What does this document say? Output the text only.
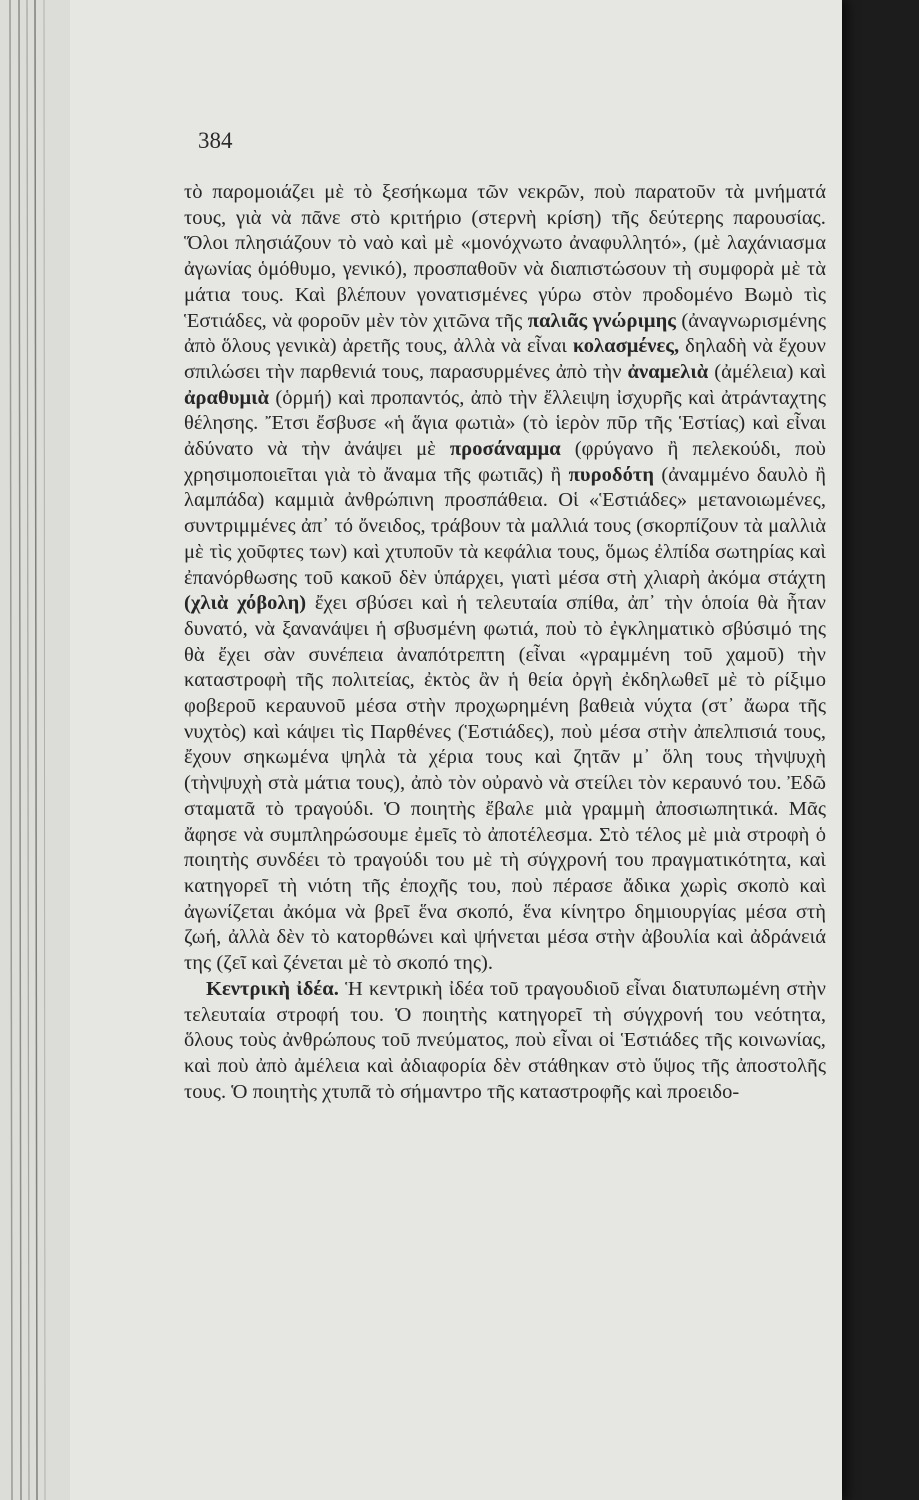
384

τὸ παρομοιάζει μὲ τὸ ξεσήκωμα τῶν νεκρῶν, ποὺ παρατοῦν τὰ μνήματά τους, γιὰ νὰ πᾶνε στὸ κριτήριο (στερνὴ κρίση) τῆς δεύτερης παρουσίας. Ὅλοι πλησιάζουν τὸ ναὸ καὶ μὲ «μονόχνωτο ἀναφυλλητό», (μὲ λαχάνιασμα ἀγωνίας ὁμόθυμο, γενικό), προσπαθοῦν νὰ διαπιστώσουν τὴ συμφορὰ μὲ τὰ μάτια τους. Καὶ βλέπουν γονατισμένες γύρω στὸν προδομένο Βωμὸ τὶς Ἑστιάδες, νὰ φοροῦν μὲν τὸν χιτῶνα τῆς παλιᾶς γνώριμης (ἀναγνωρισμένης ἀπὸ ὅλους γενικὰ) ἀρετῆς τους, ἀλλὰ νὰ εἶναι κολασμένες, δηλαδὴ νὰ ἔχουν σπιλώσει τὴν παρθενιά τους, παρασυρμένες ἀπὸ τὴν ἀναμελιὰ (ἀμέλεια) καὶ ἀραθυμιὰ (ὁρμή) καὶ προπαντός, ἀπὸ τὴν ἔλλειψη ἰσχυρῆς καὶ ἀτράνταχτης θέλησης. Ἔτσι ἔσβυσε «ἡ ἅγια φωτιὰ» (τὸ ἱερὸν πῦρ τῆς Ἑστίας) καὶ εἶναι ἀδύνατο νὰ τὴν ἀνάψει μὲ προσάναμμα (φρύγανο ἢ πελεκούδι, ποὺ χρησιμοποιεῖται γιὰ τὸ ἄναμα τῆς φωτιᾶς) ἢ πυροδότη (ἀναμμένο δαυλὸ ἢ λαμπάδα) καμμιὰ ἀνθρώπινη προσπάθεια. Οἱ «Ἑστιάδες» μετανοιωμένες, συντριμμένες ἀπ᾿ τό ὄνειδος, τράβουν τὰ μαλλιά τους (σκορπίζουν τὰ μαλλιὰ μὲ τὶς χοῦφτες των) καὶ χτυποῦν τὰ κεφάλια τους, ὅμως ἐλπίδα σωτηρίας καὶ ἐπανόρθωσης τοῦ κακοῦ δὲν ὑπάρχει, γιατὶ μέσα στὴ χλιαρὴ ἀκόμα στάχτη (χλιὰ χόβολη) ἔχει σβύσει καὶ ἡ τελευταία σπίθα, ἀπ᾿ τὴν ὁποία θὰ ἦταν δυνατό, νὰ ξανανάψει ἡ σβυσμένη φωτιά, ποὺ τὸ ἐγκληματικὸ σβύσιμό της θὰ ἔχει σὰν συνέπεια ἀναπότρεπτη (εἶναι «γραμμένη τοῦ χαμοῦ) τὴν καταστροφὴ τῆς πολιτείας, ἐκτὸς ἂν ἡ θεία ὀργὴ ἐκδηλωθεῖ μὲ τὸ ρίξιμο φοβεροῦ κεραυνοῦ μέσα στὴν προχωρημένη βαθειὰ νύχτα (στ᾿ ἄωρα τῆς νυχτὸς) καὶ κάψει τὶς Παρθένες (Ἑστιάδες), ποὺ μέσα στὴν ἀπελπισιά τους, ἔχουν σηκωμένα ψηλὰ τὰ χέρια τους καὶ ζητᾶν μ᾿ ὅλη τους τὴνψυχὴ (τὴνψυχὴ στὰ μάτια τους), ἀπὸ τὸν οὐρανὸ νὰ στείλει τὸν κεραυνό του. Ἐδῶ σταματᾶ τὸ τραγούδι. Ὁ ποιητὴς ἔβαλε μιὰ γραμμὴ ἀποσιωπητικά. Μᾶς ἄφησε νὰ συμπληρώσουμε ἐμεῖς τὸ ἀποτέλεσμα. Στὸ τέλος μὲ μιὰ στροφὴ ὁ ποιητὴς συνδέει τὸ τραγούδι του μὲ τὴ σύγχρονή του πραγματικότητα, καὶ κατηγορεῖ τὴ νιότη τῆς ἐποχῆς του, ποὺ πέρασε ἄδικα χωρὶς σκοπὸ καὶ ἀγωνίζεται ἀκόμα νὰ βρεῖ ἕνα σκοπό, ἕνα κίνητρο δημιουργίας μέσα στὴ ζωή, ἀλλὰ δὲν τὸ κατορθώνει καὶ ψήνεται μέσα στὴν ἀβουλία καὶ ἀδράνειά της (ζεῖ καὶ ζένεται μὲ τὸ σκοπό της).

Κεντρικὴ ἰδέα. Ἡ κεντρικὴ ἰδέα τοῦ τραγουδιοῦ εἶναι διατυπωμένη στὴν τελευταία στροφή του. Ὁ ποιητὴς κατηγορεῖ τὴ σύγχρονή του νεότητα, ὅλους τοὺς ἀνθρώπους τοῦ πνεύματος, ποὺ εἶναι οἱ Ἑστιάδες τῆς κοινωνίας, καὶ ποὺ ἀπὸ ἀμέλεια καὶ ἀδιαφορία δὲν στάθηκαν στὸ ὕψος τῆς ἀποστολῆς τους. Ὁ ποιητὴς χτυπᾶ τὸ σήμαντρο τῆς καταστροφῆς καὶ προειδο-
